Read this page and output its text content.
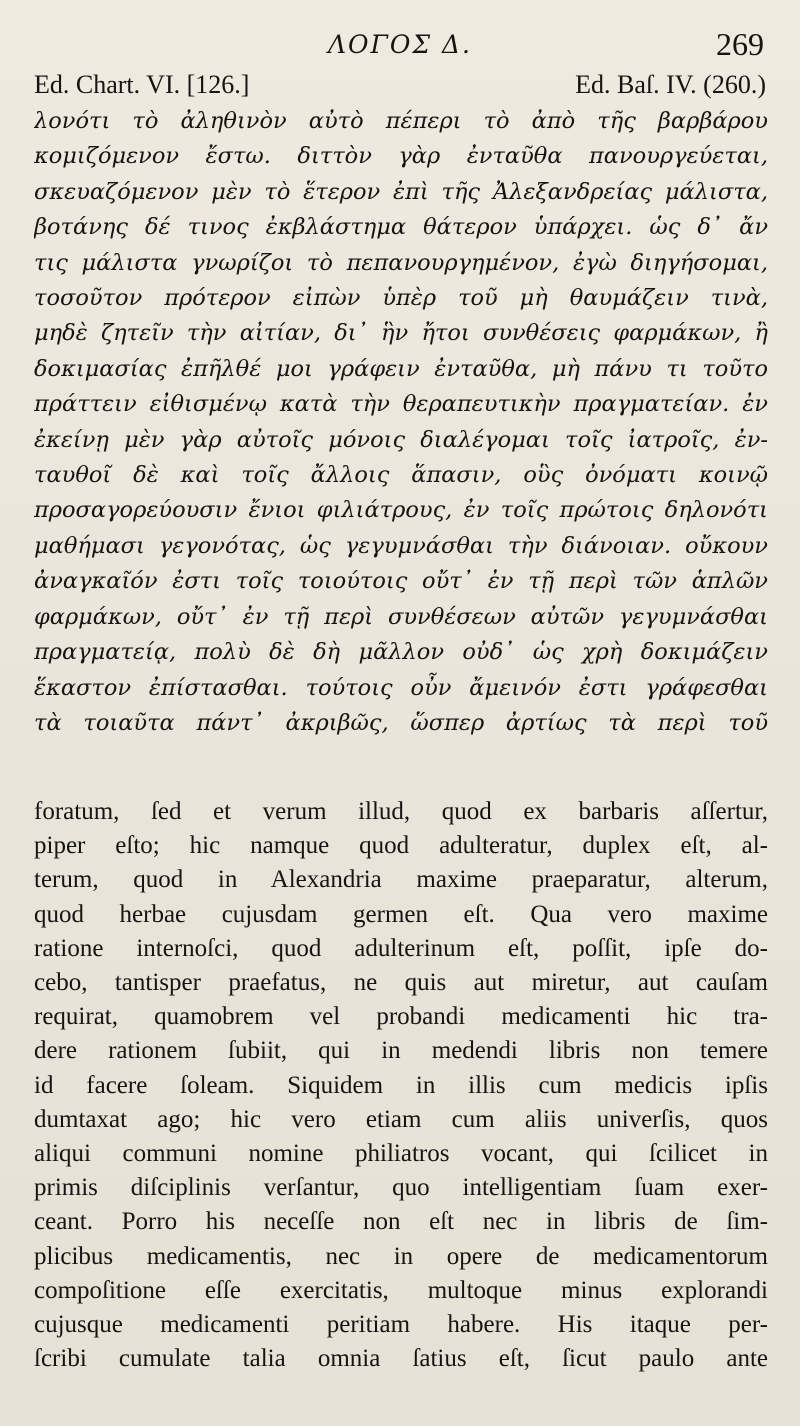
ΛΟΓΟΣ Δ.	269
Ed. Chart. VI. [126.]	Ed. Baſ. IV. (260.)
λονότι τὸ ἀληθινὸν αὐτὸ πέπερι τὸ ἀπὸ τῆς βαρβάρου
κομιζόμενον ἔστω. διττὸν γὰρ ἐνταῦθα πανουργεύεται,
σκευαζόμενον μὲν τὸ ἕτερον ἐπὶ τῆς Ἀλεξανδρείας μάλιστα,
βοτάνης δέ τινος ἐκβλάστημα θάτερον ὑπάρχει. ὡς δ᾽ ἄν
τις μάλιστα γνωρίζοι τὸ πεπανουργημένον, ἐγὼ διηγήσομαι,
τοσοῦτον πρότερον εἰπὼν ὑπὲρ τοῦ μὴ θαυμάζειν τινὰ,
μηδὲ ζητεῖν τὴν αἰτίαν, δι᾽ ἣν ἤτοι συνθέσεις φαρμάκων, ἢ
δοκιμασίας ἐπῆλθέ μοι γράφειν ἐνταῦθα, μὴ πάνυ τι τοῦτο
πράττειν εἰθισμένῳ κατὰ τὴν θεραπευτικὴν πραγματείαν. ἐν
ἐκείνῃ μὲν γὰρ αὐτοῖς μόνοις διαλέγομαι τοῖς ἰατροῖς, ἐν-
ταυθοῖ δὲ καὶ τοῖς ἄλλοις ἅπασιν, οὓς ὀνόματι κοινῷ
προσαγορεύουσιν ἔνιοι φιλιάτρους, ἐν τοῖς πρώτοις δηλονότι
μαθήμασι γεγονότας, ὡς γεγυμνάσθαι τὴν διάνοιαν. οὔκουν
ἀναγκαῖόν ἐστι τοῖς τοιούτοις οὔτ᾽ ἐν τῇ περὶ τῶν ἁπλῶν
φαρμάκων, οὔτ᾽ ἐν τῇ περὶ συνθέσεων αὐτῶν γεγυμνάσθαι
πραγματείᾳ, πολὺ δὲ δὴ μᾶλλον οὐδ᾽ ὡς χρὴ δοκιμάζειν
ἕκαστον ἐπίστασθαι. τούτοις οὖν ἄμεινόν ἐστι γράφεσθαι
τὰ τοιαῦτα πάντ᾽ ἀκριβῶς, ὥσπερ ἀρτίως τὰ περὶ τοῦ
foratum, ſed et verum illud, quod ex barbaris aſſertur,
piper eſto; hic namque quod adulteratur, duplex eſt, al-
terum, quod in Alexandria maxime praeparatur, alterum,
quod herbae cujusdam germen eſt. Qua vero maxime
ratione internoſci, quod adulterinum eſt, poſſit, ipſe do-
cebo, tantisper praefatus, ne quis aut miretur, aut cauſam
requirat, quamobrem vel probandi medicamenti hic tra-
dere rationem ſubiit, qui in medendi libris non temere
id facere ſoleam. Siquidem in illis cum medicis ipſis
dumtaxat ago; hic vero etiam cum aliis univerſis, quos
aliqui communi nomine philiatros vocant, qui ſcilicet in
primis diſciplinis verſantur, quo intelligentiam ſuam exer-
ceant. Porro his neceſſe non eſt nec in libris de ſim-
plicibus medicamentis, nec in opere de medicamentorum
compoſitione eſſe exercitatis, multoque minus explorandi
cujusque medicamenti peritiam habere. His itaque per-
ſcribi cumulate talia omnia ſatius eſt, ſicut paulo ante
